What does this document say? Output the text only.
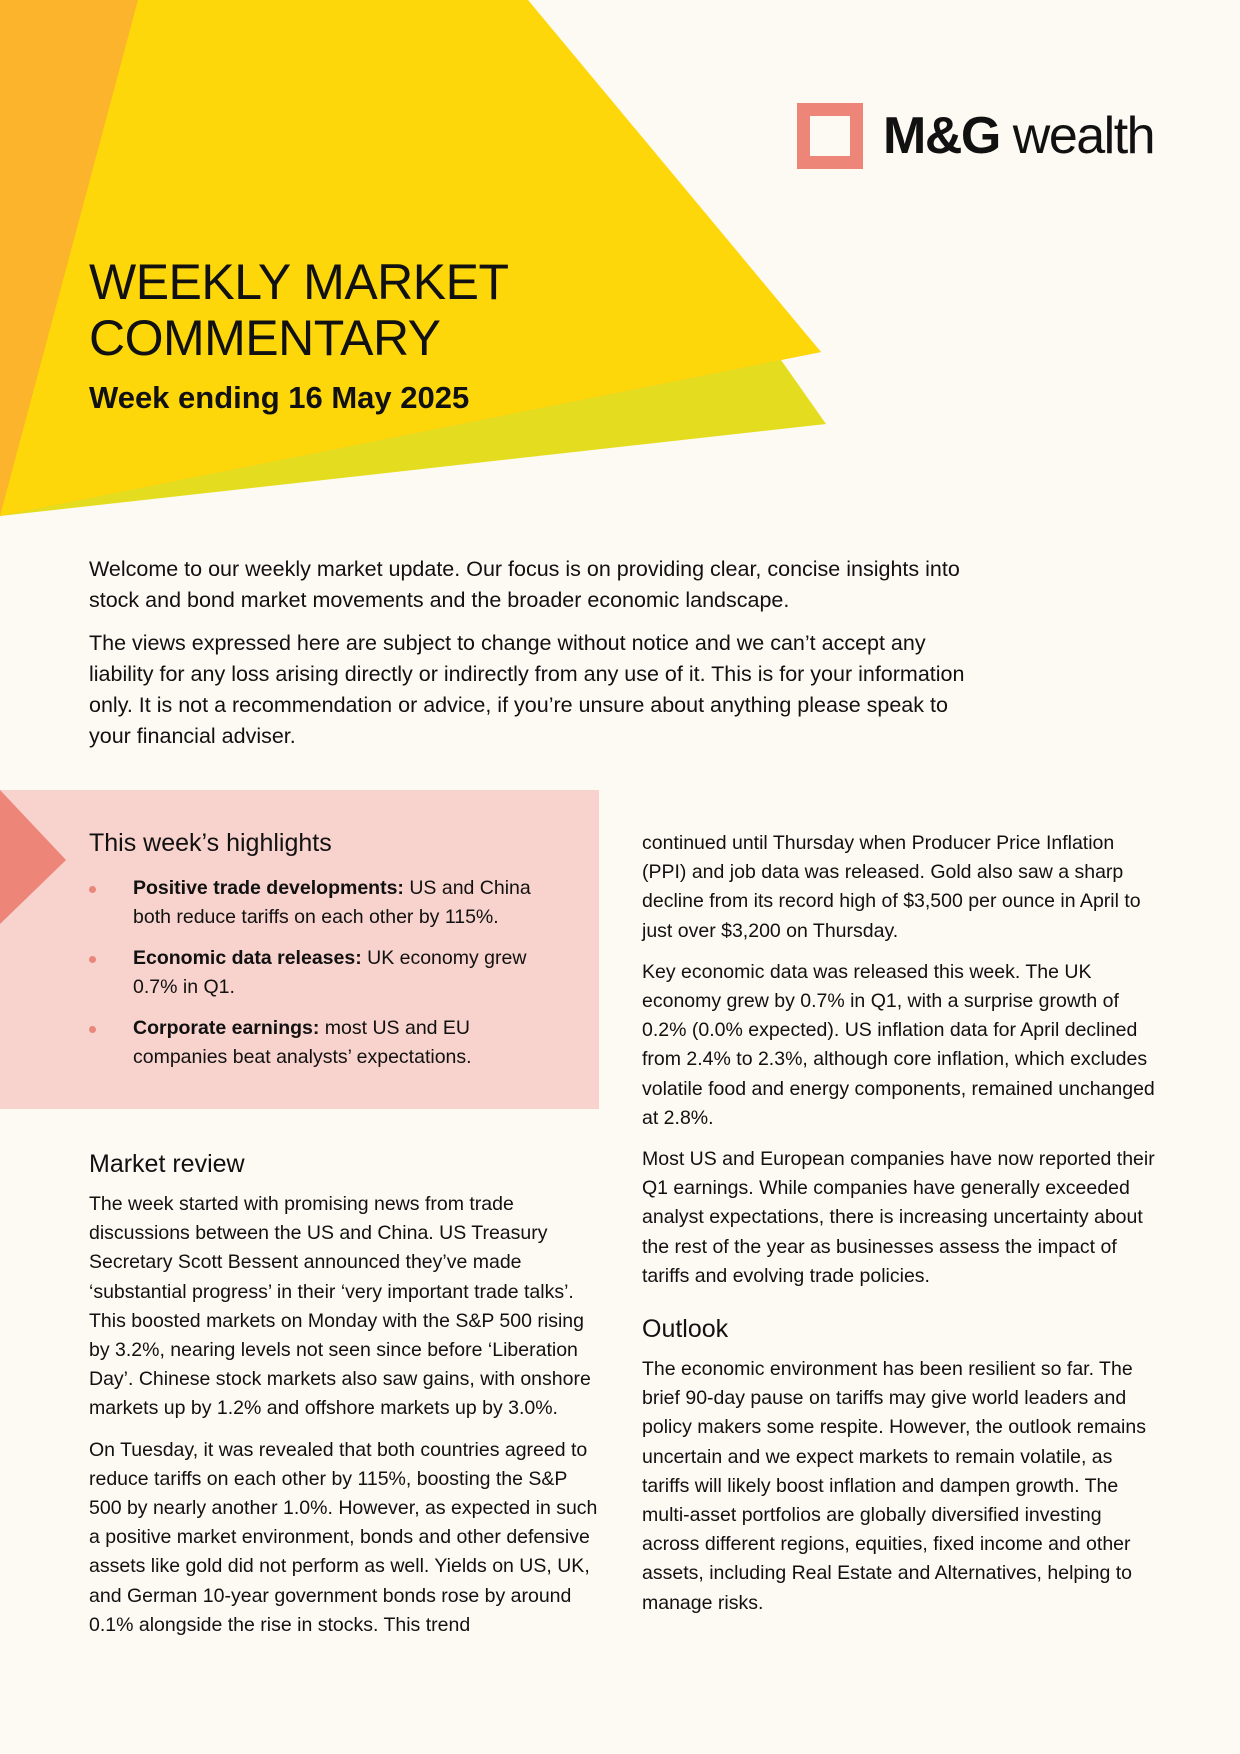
M&G wealth
WEEKLY MARKET
COMMENTARY
Week ending 16 May 2025

Welcome to our weekly market update. Our focus is on providing clear, concise insights into stock and bond market movements and the broader economic landscape.

The views expressed here are subject to change without notice and we can’t accept any liability for any loss arising directly or indirectly from any use of it. This is for your information only. It is not a recommendation or advice, if you’re unsure about anything please speak to your financial adviser.

This week’s highlights
Positive trade developments: US and China both reduce tariffs on each other by 115%.
Economic data releases: UK economy grew 0.7% in Q1.
Corporate earnings: most US and EU companies beat analysts’ expectations.
Market review

The week started with promising news from trade discussions between the US and China. US Treasury Secretary Scott Bessent announced they’ve made ‘substantial progress’ in their ‘very important trade talks’. This boosted markets on Monday with the S&P 500 rising by 3.2%, nearing levels not seen since before ‘Liberation Day’. Chinese stock markets also saw gains, with onshore markets up by 1.2% and offshore markets up by 3.0%.

On Tuesday, it was revealed that both countries agreed to reduce tariffs on each other by 115%, boosting the S&P 500 by nearly another 1.0%. However, as expected in such a positive market environment, bonds and other defensive assets like gold did not perform as well. Yields on US, UK, and German 10-year government bonds rose by around 0.1% alongside the rise in stocks. This trend

continued until Thursday when Producer Price Inflation (PPI) and job data was released. Gold also saw a sharp decline from its record high of $3,500 per ounce in April to just over $3,200 on Thursday.

Key economic data was released this week. The UK economy grew by 0.7% in Q1, with a surprise growth of 0.2% (0.0% expected). US inflation data for April declined from 2.4% to 2.3%, although core inflation, which excludes volatile food and energy components, remained unchanged at 2.8%.

Most US and European companies have now reported their Q1 earnings. While companies have generally exceeded analyst expectations, there is increasing uncertainty about the rest of the year as businesses assess the impact of tariffs and evolving trade policies.

Outlook

The economic environment has been resilient so far. The brief 90-day pause on tariffs may give world leaders and policy makers some respite. However, the outlook remains uncertain and we expect markets to remain volatile, as tariffs will likely boost inflation and dampen growth. The multi-asset portfolios are globally diversified investing across different regions, equities, fixed income and other assets, including Real Estate and Alternatives, helping to manage risks.
